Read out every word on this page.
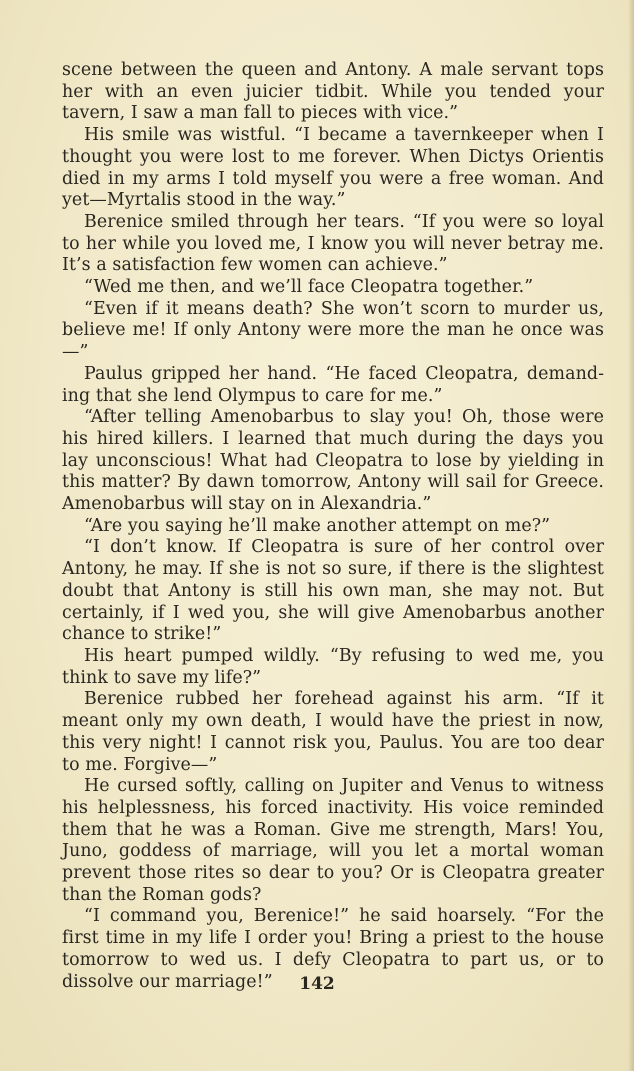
scene between the queen and Antony. A male servant tops her with an even juicier tidbit. While you tended your tavern, I saw a man fall to pieces with vice.”

His smile was wistful. “I became a tavernkeeper when I thought you were lost to me forever. When Dictys Orientis died in my arms I told myself you were a free woman. And yet—Myrtalis stood in the way.”

Berenice smiled through her tears. “If you were so loyal to her while you loved me, I know you will never betray me. It’s a satisfaction few women can achieve.”

“Wed me then, and we’ll face Cleopatra together.”

“Even if it means death? She won’t scorn to murder us, believe me! If only Antony were more the man he once was—”

Paulus gripped her hand. “He faced Cleopatra, demanding that she lend Olympus to care for me.”

“After telling Amenobarbus to slay you! Oh, those were his hired killers. I learned that much during the days you lay unconscious! What had Cleopatra to lose by yielding in this matter? By dawn tomorrow, Antony will sail for Greece. Amenobarbus will stay on in Alexandria.”

“Are you saying he’ll make another attempt on me?”

“I don’t know. If Cleopatra is sure of her control over Antony, he may. If she is not so sure, if there is the slightest doubt that Antony is still his own man, she may not. But certainly, if I wed you, she will give Amenobarbus another chance to strike!”

His heart pumped wildly. “By refusing to wed me, you think to save my life?”

Berenice rubbed her forehead against his arm. “If it meant only my own death, I would have the priest in now, this very night! I cannot risk you, Paulus. You are too dear to me. Forgive—”

He cursed softly, calling on Jupiter and Venus to witness his helplessness, his forced inactivity. His voice reminded them that he was a Roman. Give me strength, Mars! You, Juno, goddess of marriage, will you let a mortal woman prevent those rites so dear to you? Or is Cleopatra greater than the Roman gods?

“I command you, Berenice!” he said hoarsely. “For the first time in my life I order you! Bring a priest to the house tomorrow to wed us. I defy Cleopatra to part us, or to dissolve our marriage!”	142
